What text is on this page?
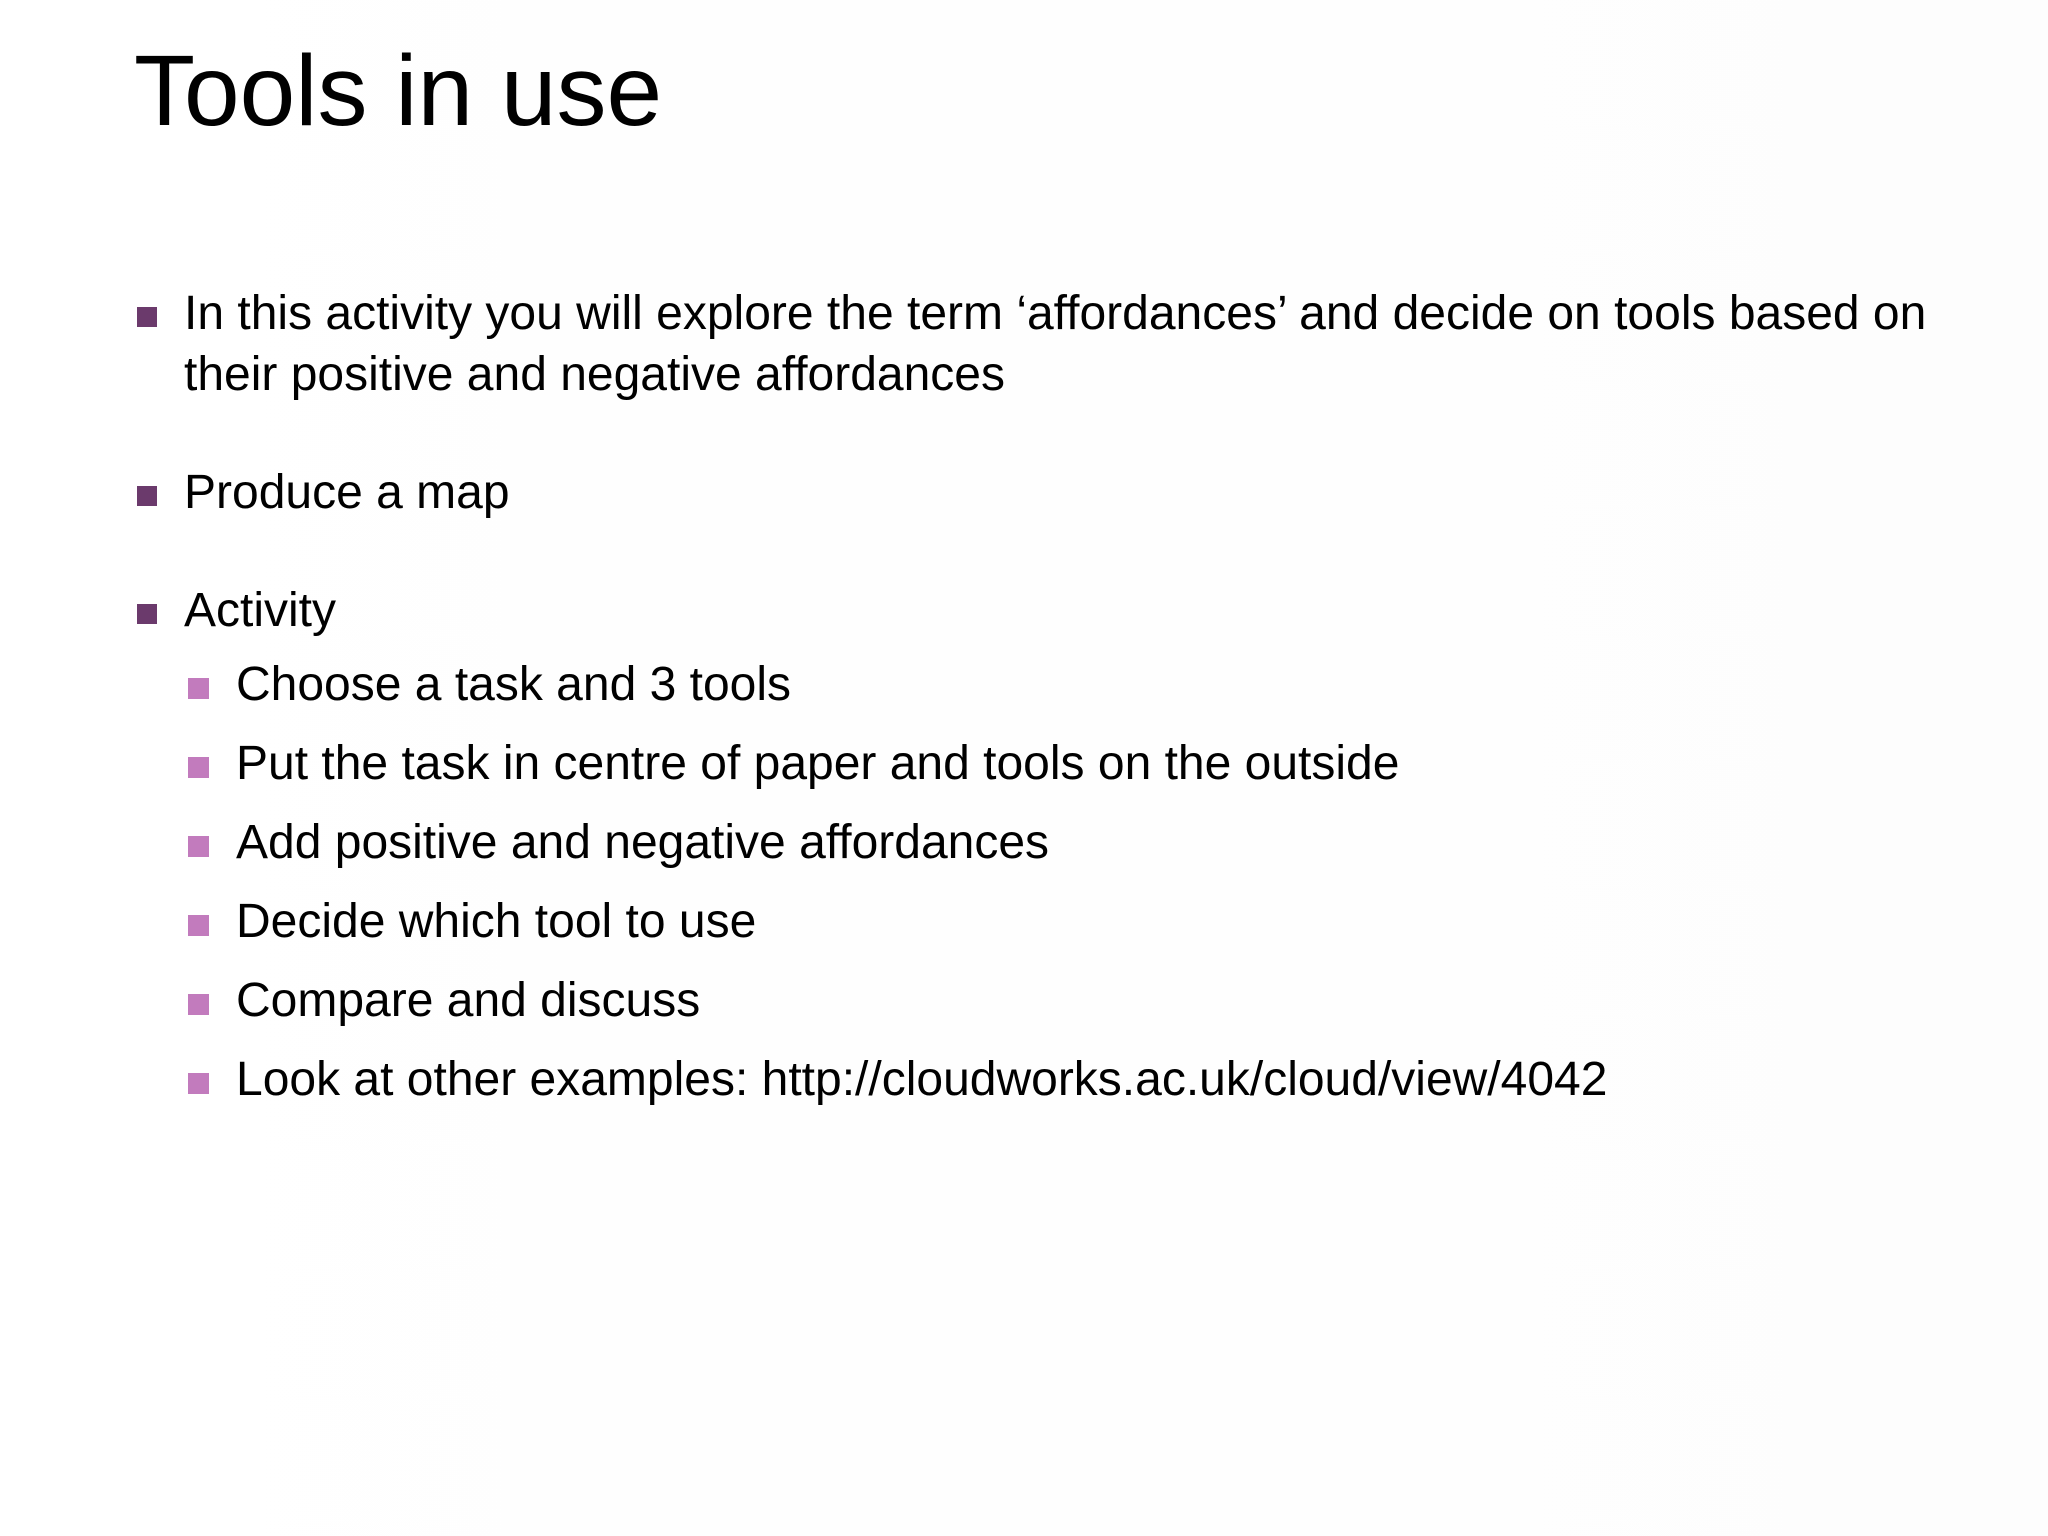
Tools in use
In this activity you will explore the term ‘affordances’ and decide on tools based on their positive and negative affordances
Produce a map
Activity
Choose a task and 3 tools
Put the task in centre of paper and tools on the outside
Add positive and negative affordances
Decide which tool to use
Compare and discuss
Look at other examples: http://cloudworks.ac.uk/cloud/view/4042
